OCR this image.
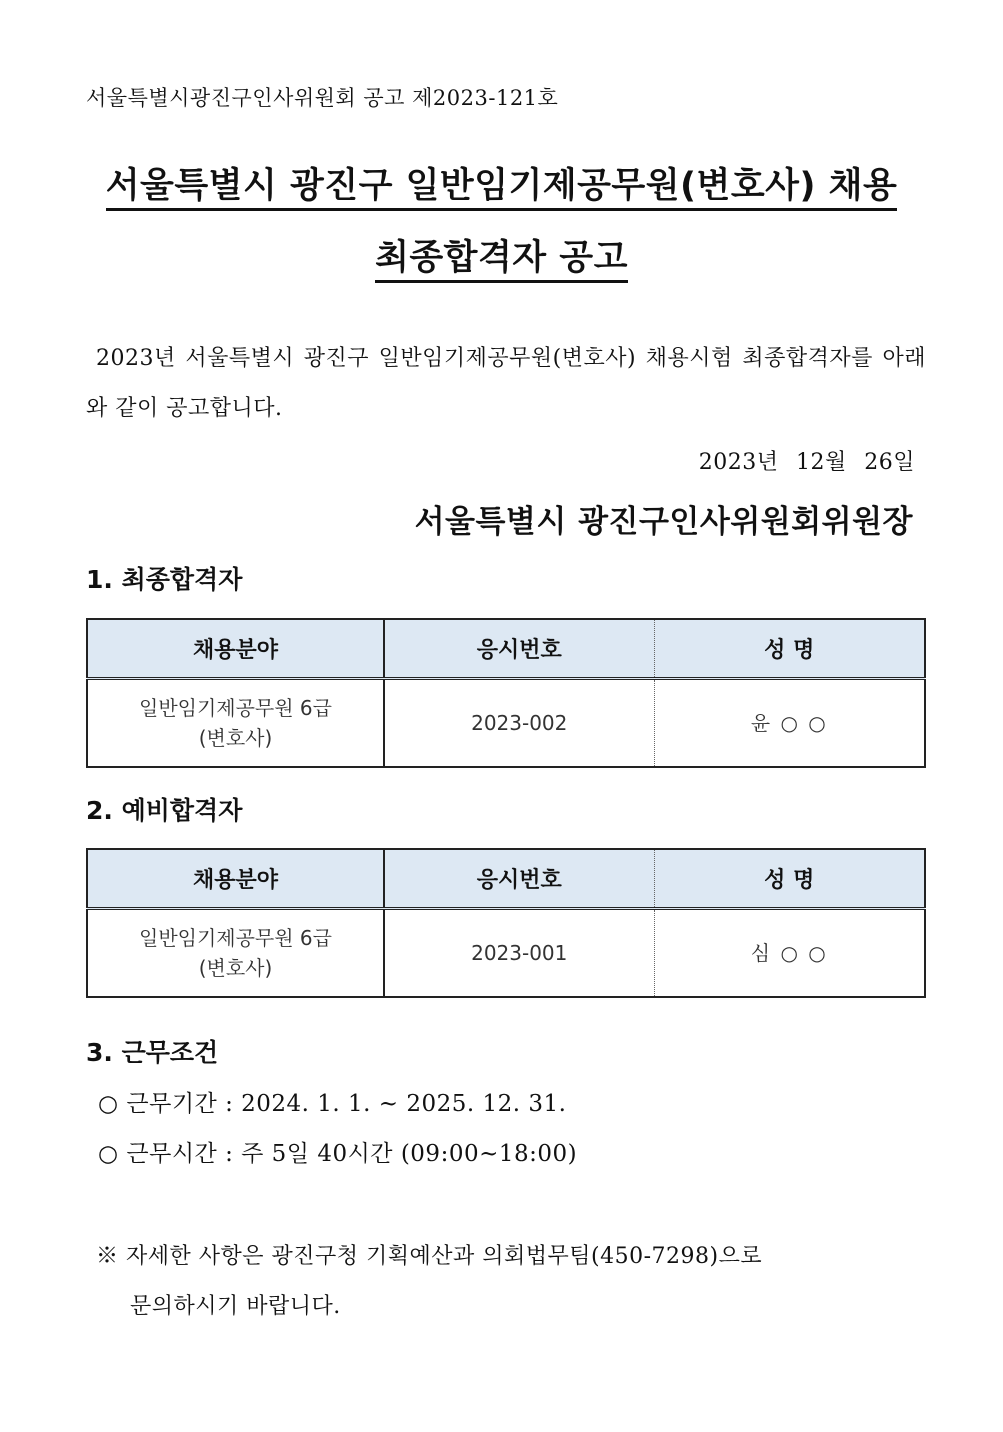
서울특별시광진구인사위원회 공고 제2023-121호
서울특별시 광진구 일반임기제공무원(변호사) 채용
최종합격자 공고
2023년 서울특별시 광진구 일반임기제공무원(변호사) 채용시험 최종합격자를 아래와 같이 공고합니다.
2023년 12월 26일
서울특별시 광진구인사위원회위원장
1. 최종합격자
채용분야	응시번호	성 명

일반임기제공무원 6급
(변호사)	2023-002	윤 ○ ○
2. 예비합격자
채용분야	응시번호	성 명

일반임기제공무원 6급
(변호사)	2023-001	심 ○ ○
3. 근무조건
○ 근무기간 : 2024. 1. 1. ~ 2025. 12. 31.
○ 근무시간 : 주 5일 40시간 (09:00~18:00)
※ 자세한 사항은 광진구청 기획예산과 의회법무팀(450-7298)으로
문의하시기 바랍니다.
